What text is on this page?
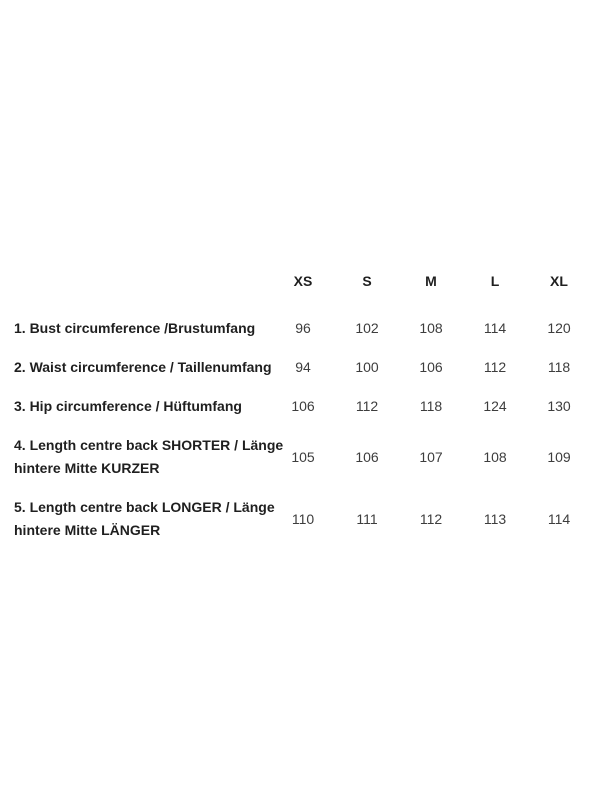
	XS	S	M	L	XL

1. Bust circumference /Brustumfang	96	102	108	114	120

2. Waist circumference / Taillenumfang	94	100	106	112	118

3. Hip circumference / Hüftumfang	106	112	118	124	130

4. Length centre back SHORTER / Länge
hintere Mitte KURZER	105	106	107	108	109

5. Length centre back LONGER / Länge
hintere Mitte LÄNGER	110	111	112	113	114
